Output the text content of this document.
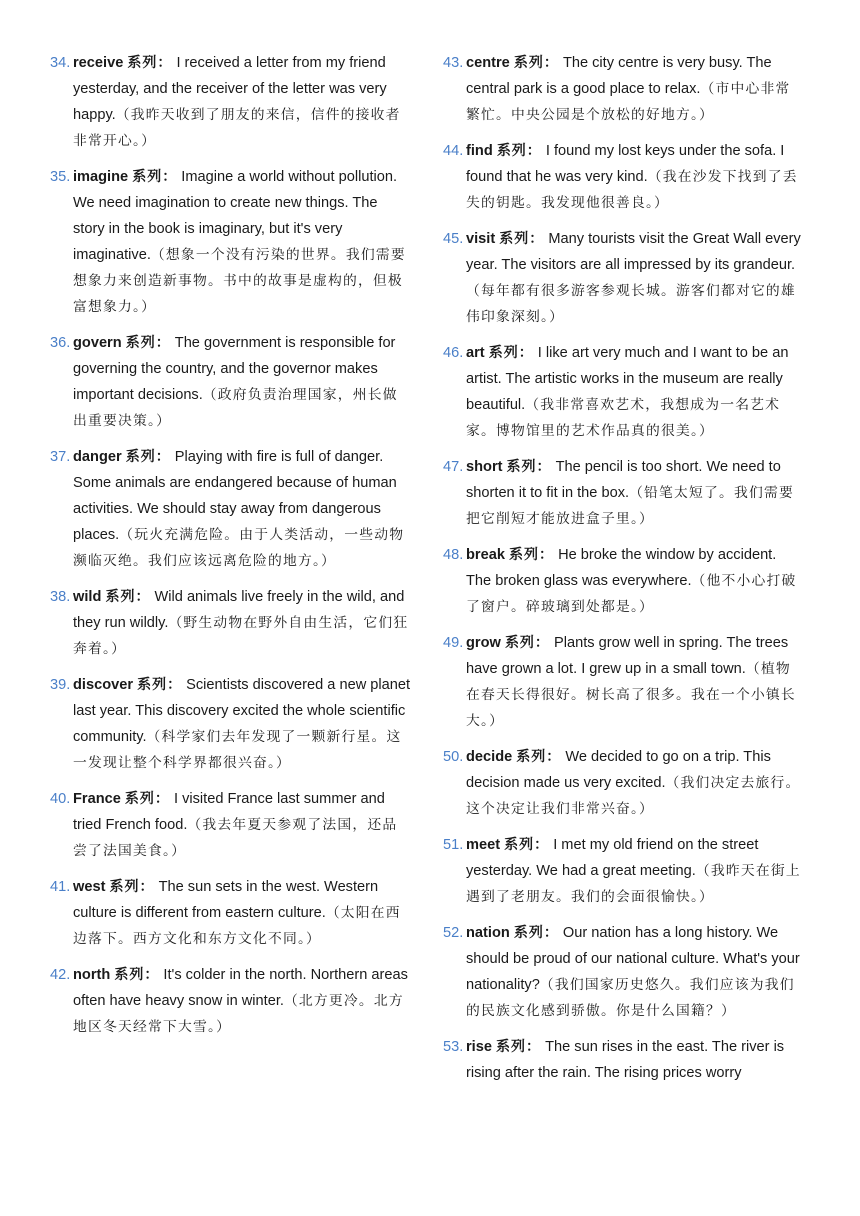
34. receive 系列： I received a letter from my friend yesterday, and the receiver of the letter was very happy.（我昨天收到了朋友的来信，信件的接收者非常开心。）
35. imagine 系列： Imagine a world without pollution. We need imagination to create new things. The story in the book is imaginary, but it's very imaginative.（想象一个没有污染的世界。我们需要想象力来创造新事物。书中的故事是虚构的，但极富想象力。）
36. govern 系列： The government is responsible for governing the country, and the governor makes important decisions.（政府负责治理国家，州长做出重要决策。）
37. danger 系列： Playing with fire is full of danger. Some animals are endangered because of human activities. We should stay away from dangerous places.（玩火充满危险。由于人类活动，一些动物濒临灭绝。我们应该远离危险的地方。）
38. wild 系列： Wild animals live freely in the wild, and they run wildly.（野生动物在野外自由生活，它们狂奔着。）
39. discover 系列： Scientists discovered a new planet last year. This discovery excited the whole scientific community.（科学家们去年发现了一颗新行星。这一发现让整个科学界都很兴奋。）
40. France 系列： I visited France last summer and tried French food.（我去年夏天参观了法国，还品尝了法国美食。）
41. west 系列： The sun sets in the west. Western culture is different from eastern culture.（太阳在西边落下。西方文化和东方文化不同。）
42. north 系列： It's colder in the north. Northern areas often have heavy snow in winter.（北方更冷。北方地区冬天经常下大雪。）
43. centre 系列： The city centre is very busy. The central park is a good place to relax.（市中心非常繁忙。中央公园是个放松的好地方。）
44. find 系列： I found my lost keys under the sofa. I found that he was very kind.（我在沙发下找到了丢失的钥匙。我发现他很善良。）
45. visit 系列： Many tourists visit the Great Wall every year. The visitors are all impressed by its grandeur.（每年都有很多游客参观长城。游客们都对它的雄伟印象深刻。）
46. art 系列： I like art very much and I want to be an artist. The artistic works in the museum are really beautiful.（我非常喜欢艺术，我想成为一名艺术家。博物馆里的艺术作品真的很美。）
47. short 系列： The pencil is too short. We need to shorten it to fit in the box.（铅笔太短了。我们需要把它削短才能放进盒子里。）
48. break 系列： He broke the window by accident. The broken glass was everywhere.（他不小心打破了窗户。碎玻璃到处都是。）
49. grow 系列： Plants grow well in spring. The trees have grown a lot. I grew up in a small town.（植物在春天长得很好。树长高了很多。我在一个小镇长大。）
50. decide 系列： We decided to go on a trip. This decision made us very excited.（我们决定去旅行。这个决定让我们非常兴奋。）
51. meet 系列： I met my old friend on the street yesterday. We had a great meeting.（我昨天在街上遇到了老朋友。我们的会面很愉快。）
52. nation 系列： Our nation has a long history. We should be proud of our national culture. What's your nationality?（我们国家历史悠久。我们应该为我们的民族文化感到骄傲。你是什么国籍？）
53. rise 系列： The sun rises in the east. The river is rising after the rain. The rising prices worry
